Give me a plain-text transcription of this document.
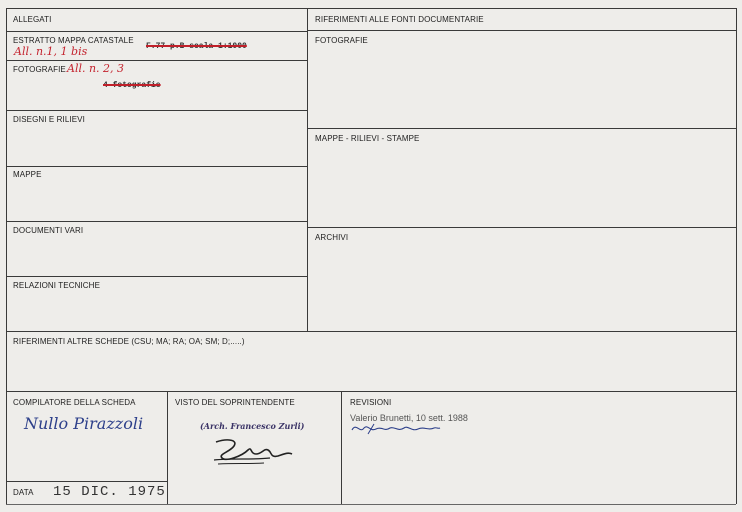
ALLEGATI
ESTRATTO MAPPA CATASTALE
F.77 p.B scala 1:1000
All. n.1, 1 bis
FOTOGRAFIE All. n. 2, 3
4 fotografie
DISEGNI E RILIEVI
MAPPE
DOCUMENTI VARI
RELAZIONI TECNICHE
RIFERIMENTI ALLE FONTI DOCUMENTARIE
FOTOGRAFIE
MAPPE - RILIEVI - STAMPE
ARCHIVI
RIFERIMENTI ALTRE SCHEDE (CSU; MA; RA; OA; SM; D;.....)
COMPILATORE DELLA SCHEDA
Nullo Pirazzoli
DATA 15 DIC. 1975
VISTO DEL SOPRINTENDENTE
(Arch. Francesco Zurli)
REVISIONI
Valerio Brunetti, 10 sett. 1988
